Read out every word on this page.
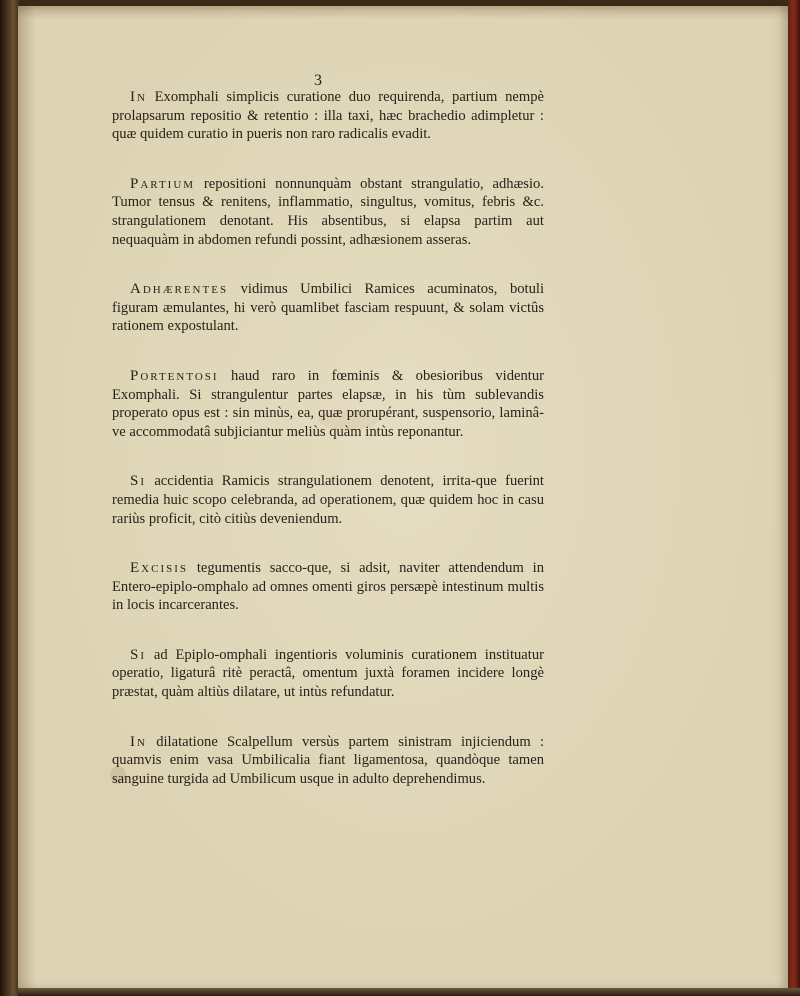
3

In Exomphali simplicis curatione duo requirenda, partium nempè prolapsarum repositio & retentio : illa taxi, hæc brachedio adimpletur : quæ quidem curatio in pueris non raro radicalis evadit.

Partium repositioni nonnunquàm obstant strangulatio, adhæsio. Tumor tensus & renitens, inflammatio, singultus, vomitus, febris &c. strangulationem denotant. His absentibus, si elapsa partim aut nequaquàm in abdomen refundi possint, adhæsionem asseras.

Adhærentes vidimus Umbilici Ramices acuminatos, botuli figuram æmulantes, hi verò quamlibet fasciam respuunt, & solam victûs rationem expostulant.

Portentosi haud raro in fœminis & obesioribus videntur Exomphali. Si strangulentur partes elapsæ, in his tùm sublevandis properato opus est : sin minùs, ea, quæ prorupérant, suspensorio, laminâ-ve accommodatâ subjiciantur meliùs quàm intùs reponantur.

Si accidentia Ramicis strangulationem denotent, irrita-que fuerint remedia huic scopo celebranda, ad operationem, quæ quidem hoc in casu rariùs proficit, citò citiùs deveniendum.

Excisis tegumentis sacco-que, si adsit, naviter attendendum in Entero-epiplo-omphalo ad omnes omenti giros persæpè intestinum multis in locis incarcerantes.

Si ad Epiplo-omphali ingentioris voluminis curationem instituatur operatio, ligaturâ ritè peractâ, omentum juxtà foramen incidere longè præstat, quàm altiùs dilatare, ut intùs refundatur.

In dilatatione Scalpellum versùs partem sinistram injiciendum : quamvis enim vasa Umbilicalia fiant ligamentosa, quandòque tamen sanguine turgida ad Umbilicum usque in adulto deprehendimus.
